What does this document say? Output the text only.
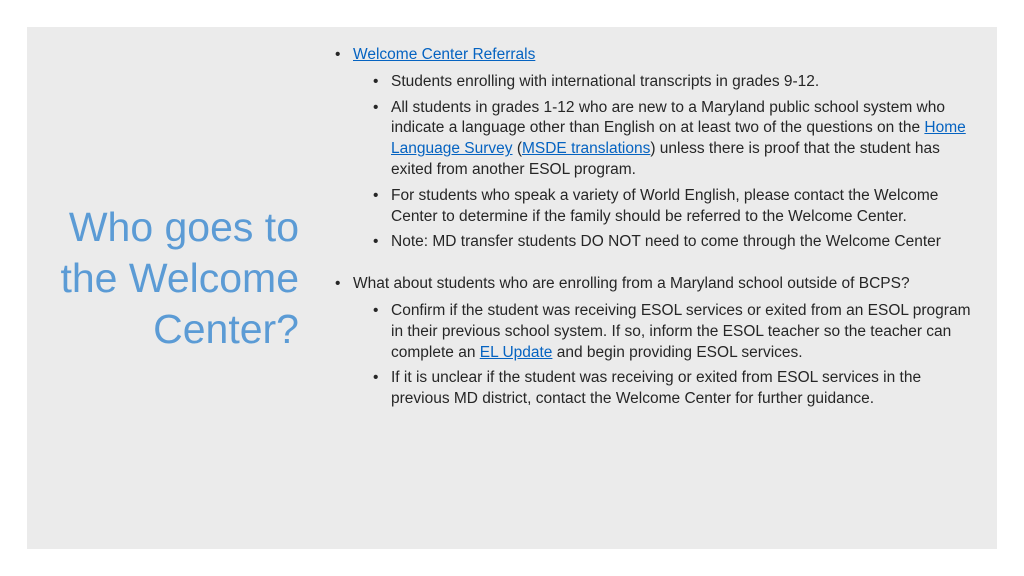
Who goes to the Welcome Center?
• Welcome Center Referrals
• Students enrolling with international transcripts in grades 9-12.
• All students in grades 1-12 who are new to a Maryland public school system who indicate a language other than English on at least two of the questions on the Home Language Survey (MSDE translations) unless there is proof that the student has exited from another ESOL program.
• For students who speak a variety of World English, please contact the Welcome Center to determine if the family should be referred to the Welcome Center.
• Note: MD transfer students DO NOT need to come through the Welcome Center
• What about students who are enrolling from a Maryland school outside of BCPS?
• Confirm if the student was receiving ESOL services or exited from an ESOL program in their previous school system. If so, inform the ESOL teacher so the teacher can complete an EL Update and begin providing ESOL services.
• If it is unclear if the student was receiving or exited from ESOL services in the previous MD district, contact the Welcome Center for further guidance.
